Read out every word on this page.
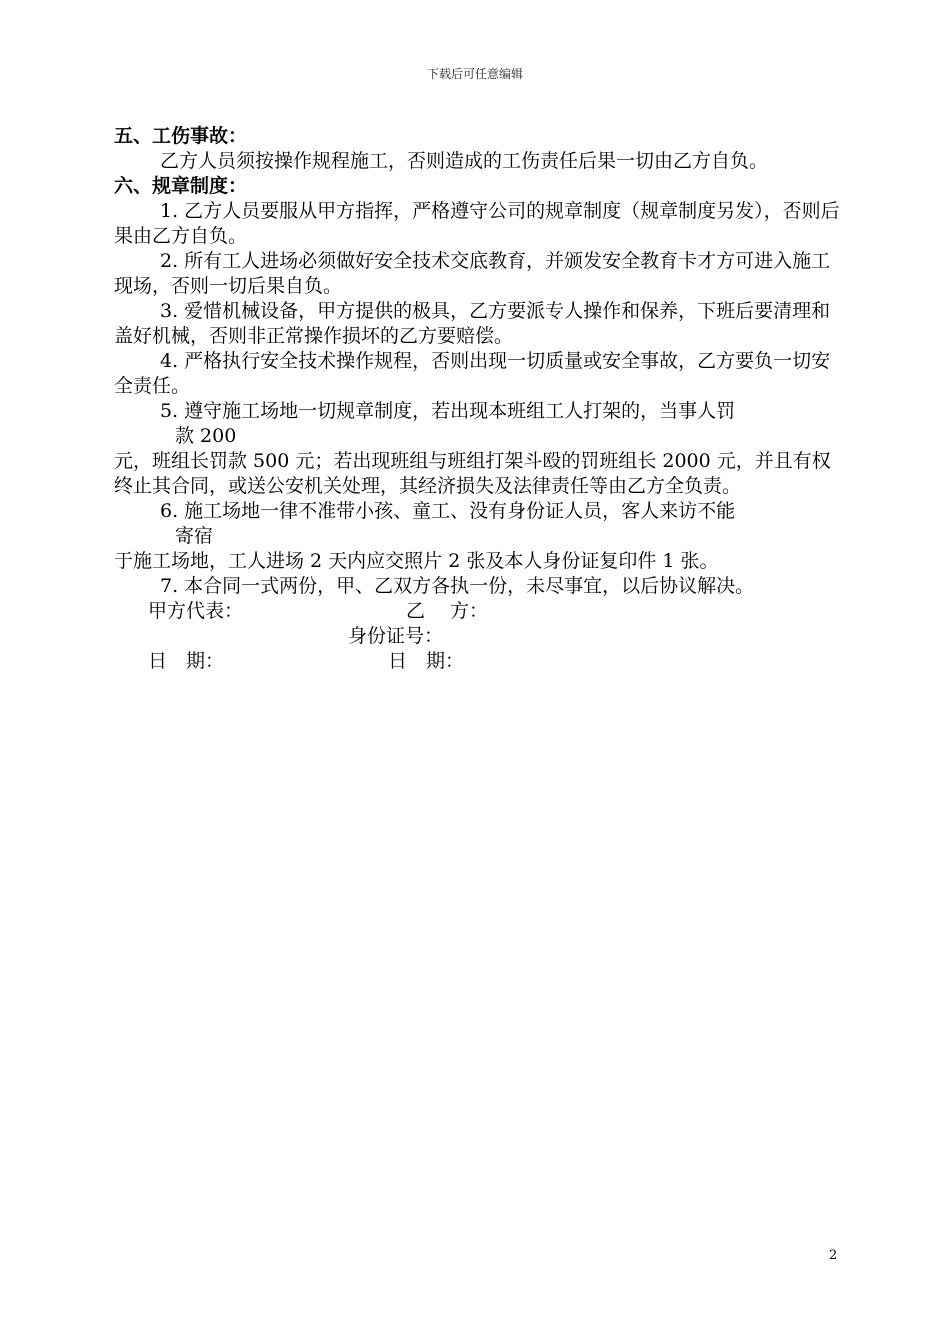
下载后可任意编辑

五、工伤事故：

乙方人员须按操作规程施工，否则造成的工伤责任后果一切由乙方自负。

六、规章制度：

1. 乙方人员要服从甲方指挥，严格遵守公司的规章制度（规章制度另发），否则后果由乙方自负。

2. 所有工人进场必须做好安全技术交底教育，并颁发安全教育卡才方可进入施工现场，否则一切后果自负。

3. 爱惜机械设备，甲方提供的极具，乙方要派专人操作和保养，下班后要清理和盖好机械，否则非正常操作损坏的乙方要赔偿。

4. 严格执行安全技术操作规程，否则出现一切质量或安全事故，乙方要负一切安全责任。

5. 遵守施工场地一切规章制度，若出现本班组工人打架的，当事人罚

款 200

元，班组长罚款 500 元；若出现班组与班组打架斗殴的罚班组长 2000 元，并且有权终止其合同，或送公安机关处理，其经济损失及法律责任等由乙方全负责。

6. 施工场地一律不准带小孩、童工、没有身份证人员，客人来访不能

寄宿

于施工场地，工人进场 2 天内应交照片 2 张及本人身份证复印件 1 张。

7. 本合同一式两份，甲、乙双方各执一份，未尽事宜，以后协议解决。

甲方代表：	乙　 方：
身份证号：
日　期：	日　期：
2
